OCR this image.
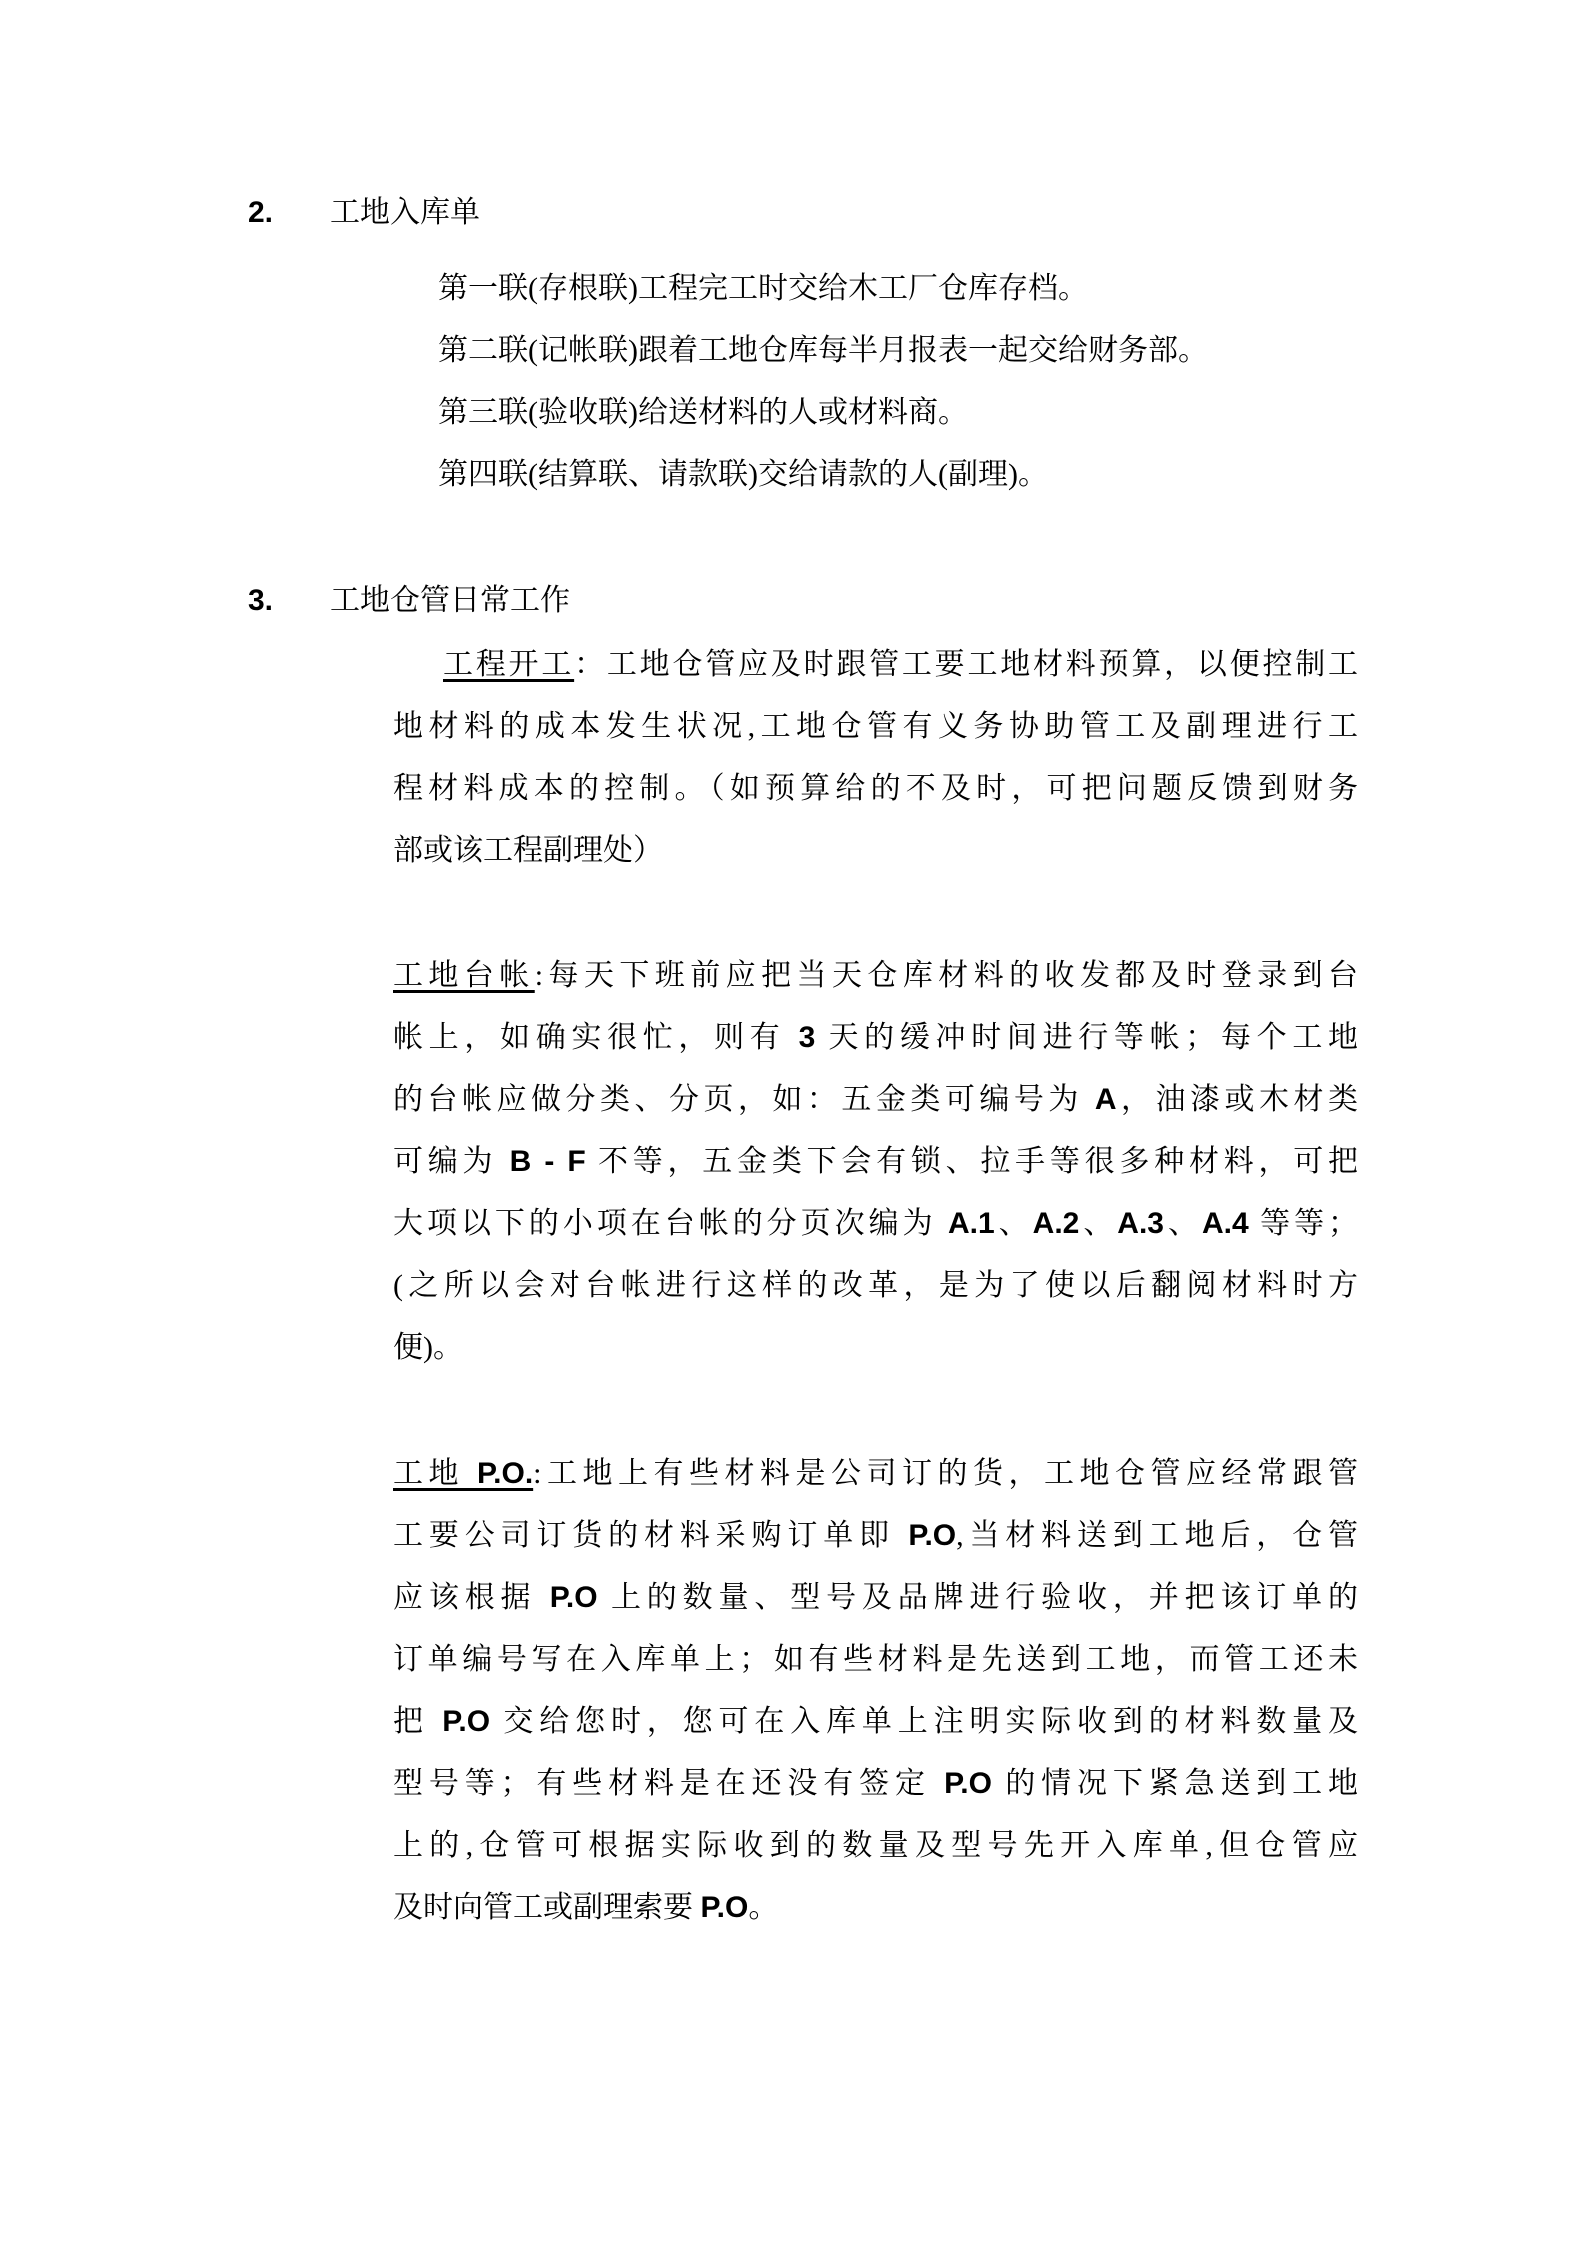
2. 工地入库单
第一联(存根联)工程完工时交给木工厂仓库存档。
第二联(记帐联)跟着工地仓库每半月报表一起交给财务部。
第三联(验收联)给送材料的人或材料商。
第四联(结算联、请款联)交给请款的人(副理)。
3. 工地仓管日常工作
工程开工：工地仓管应及时跟管工要工地材料预算，以便控制工
地材料的成本发生状况,工地仓管有义务协助管工及副理进行工
程材料成本的控制。（如预算给的不及时，可把问题反馈到财务
部或该工程副理处）
工地台帐:每天下班前应把当天仓库材料的收发都及时登录到台
帐上，如确实很忙，则有 3 天的缓冲时间进行等帐；每个工地
的台帐应做分类、分页，如：五金类可编号为 A，油漆或木材类
可编为 B - F 不等，五金类下会有锁、拉手等很多种材料，可把
大项以下的小项在台帐的分页次编为 A.1、A.2、A.3、A.4 等等；
(之所以会对台帐进行这样的改革，是为了使以后翻阅材料时方
便)。
工地 P.O.:工地上有些材料是公司订的货，工地仓管应经常跟管
工要公司订货的材料采购订单即 P.O,当材料送到工地后，仓管
应该根据 P.O 上的数量、型号及品牌进行验收，并把该订单的
订单编号写在入库单上；如有些材料是先送到工地，而管工还未
把 P.O 交给您时，您可在入库单上注明实际收到的材料数量及
型号等；有些材料是在还没有签定 P.O 的情况下紧急送到工地
上的,仓管可根据实际收到的数量及型号先开入库单,但仓管应
及时向管工或副理索要 P.O。
